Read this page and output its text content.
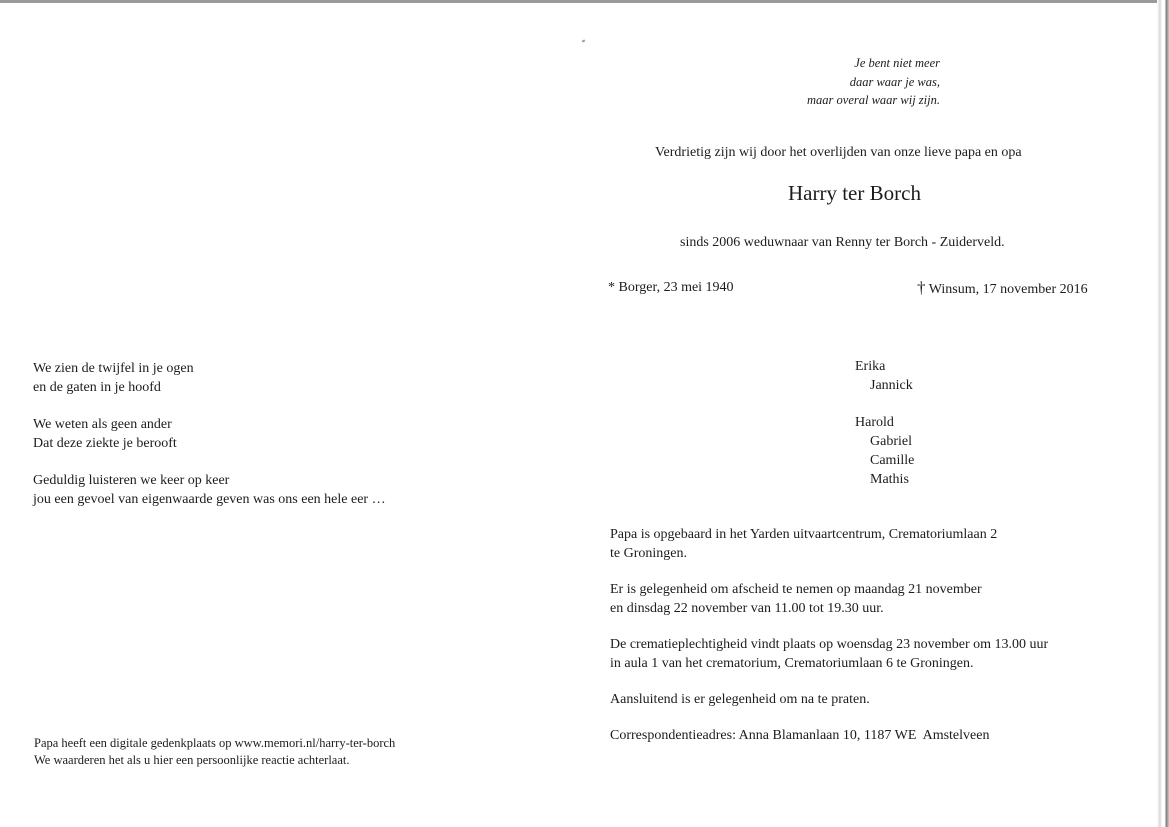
Je bent niet meer
daar waar je was,
maar overal waar wij zijn.
Verdrietig zijn wij door het overlijden van onze lieve papa en opa
Harry ter Borch
sinds 2006 weduwnaar van Renny ter Borch - Zuiderveld.
* Borger, 23 mei 1940	† Winsum, 17 november 2016
Erika
Jannick
Harold
Gabriel
Camille
Mathis
We zien de twijfel in je ogen
en de gaten in je hoofd
We weten als geen ander
Dat deze ziekte je berooft
Geduldig luisteren we keer op keer
jou een gevoel van eigenwaarde geven was ons een hele eer …
Papa is opgebaard in het Yarden uitvaartcentrum, Crematoriumlaan 2
te Groningen.
Er is gelegenheid om afscheid te nemen op maandag 21 november
en dinsdag 22 november van 11.00 tot 19.30 uur.
De crematieplechtigheid vindt plaats op woensdag 23 november om 13.00 uur
in aula 1 van het crematorium, Crematoriumlaan 6 te Groningen.
Aansluitend is er gelegenheid om na te praten.
Correspondentieadres: Anna Blamanlaan 10, 1187 WE  Amstelveen
Papa heeft een digitale gedenkplaats op www.memori.nl/harry-ter-borch
We waarderen het als u hier een persoonlijke reactie achterlaat.
